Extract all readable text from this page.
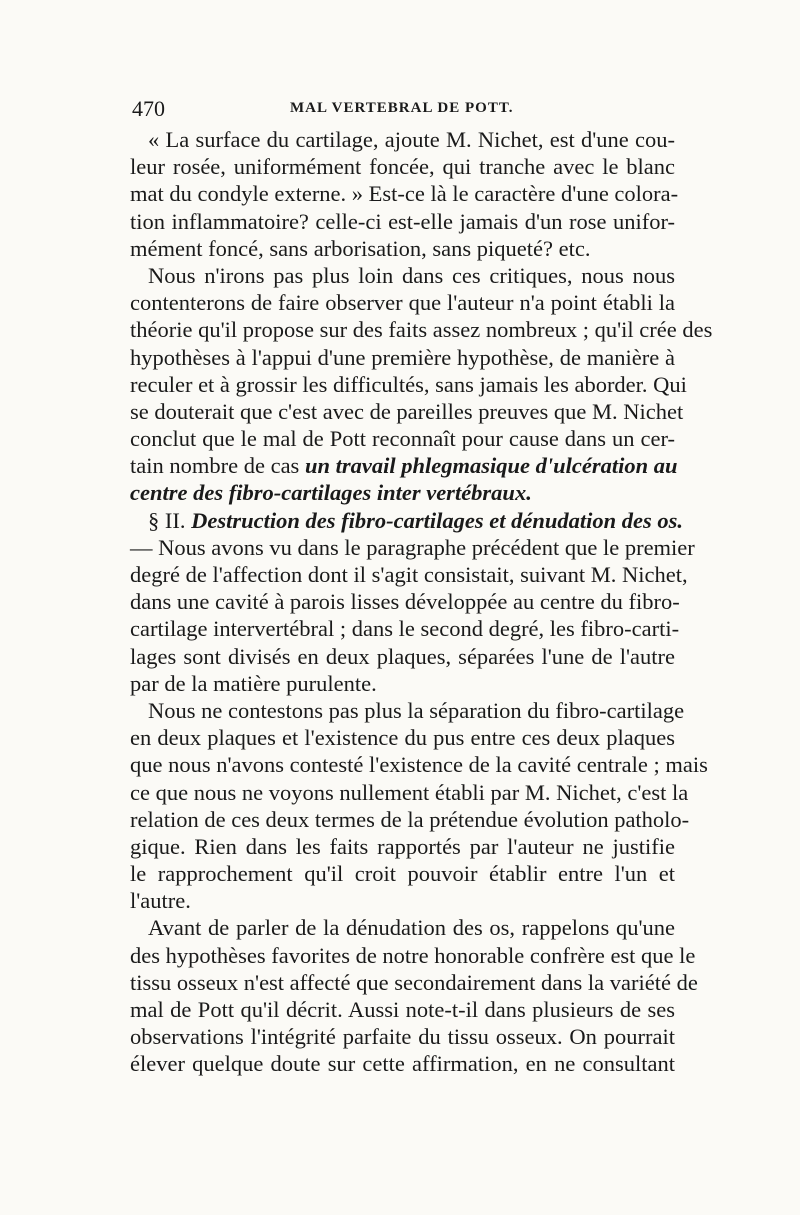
470	MAL VERTEBRAL DE POTT.
« La surface du cartilage, ajoute M. Nichet, est d'une cou-
leur rosée, uniformément foncée, qui tranche avec le blanc
mat du condyle externe. » Est-ce là le caractère d'une colora-
tion inflammatoire? celle-ci est-elle jamais d'un rose unifor-
mément foncé, sans arborisation, sans piqueté? etc.
Nous n'irons pas plus loin dans ces critiques, nous nous
contenterons de faire observer que l'auteur n'a point établi la
théorie qu'il propose sur des faits assez nombreux ; qu'il crée des
hypothèses à l'appui d'une première hypothèse, de manière à
reculer et à grossir les difficultés, sans jamais les aborder. Qui
se douterait que c'est avec de pareilles preuves que M. Nichet
conclut que le mal de Pott reconnaît pour cause dans un cer-
tain nombre de cas un travail phlegmasique d'ulcération au
centre des fibro-cartilages inter vertébraux.
§ II. Destruction des fibro-cartilages et dénudation des os.
— Nous avons vu dans le paragraphe précédent que le premier
degré de l'affection dont il s'agit consistait, suivant M. Nichet,
dans une cavité à parois lisses développée au centre du fibro-
cartilage intervertébral ; dans le second degré, les fibro-carti-
lages sont divisés en deux plaques, séparées l'une de l'autre
par de la matière purulente.
Nous ne contestons pas plus la séparation du fibro-cartilage
en deux plaques et l'existence du pus entre ces deux plaques
que nous n'avons contesté l'existence de la cavité centrale ; mais
ce que nous ne voyons nullement établi par M. Nichet, c'est la
relation de ces deux termes de la prétendue évolution patholo-
gique. Rien dans les faits rapportés par l'auteur ne justifie
le rapprochement qu'il croit pouvoir établir entre l'un et
l'autre.
Avant de parler de la dénudation des os, rappelons qu'une
des hypothèses favorites de notre honorable confrère est que le
tissu osseux n'est affecté que secondairement dans la variété de
mal de Pott qu'il décrit. Aussi note-t-il dans plusieurs de ses
observations l'intégrité parfaite du tissu osseux. On pourrait
élever quelque doute sur cette affirmation, en ne consultant
